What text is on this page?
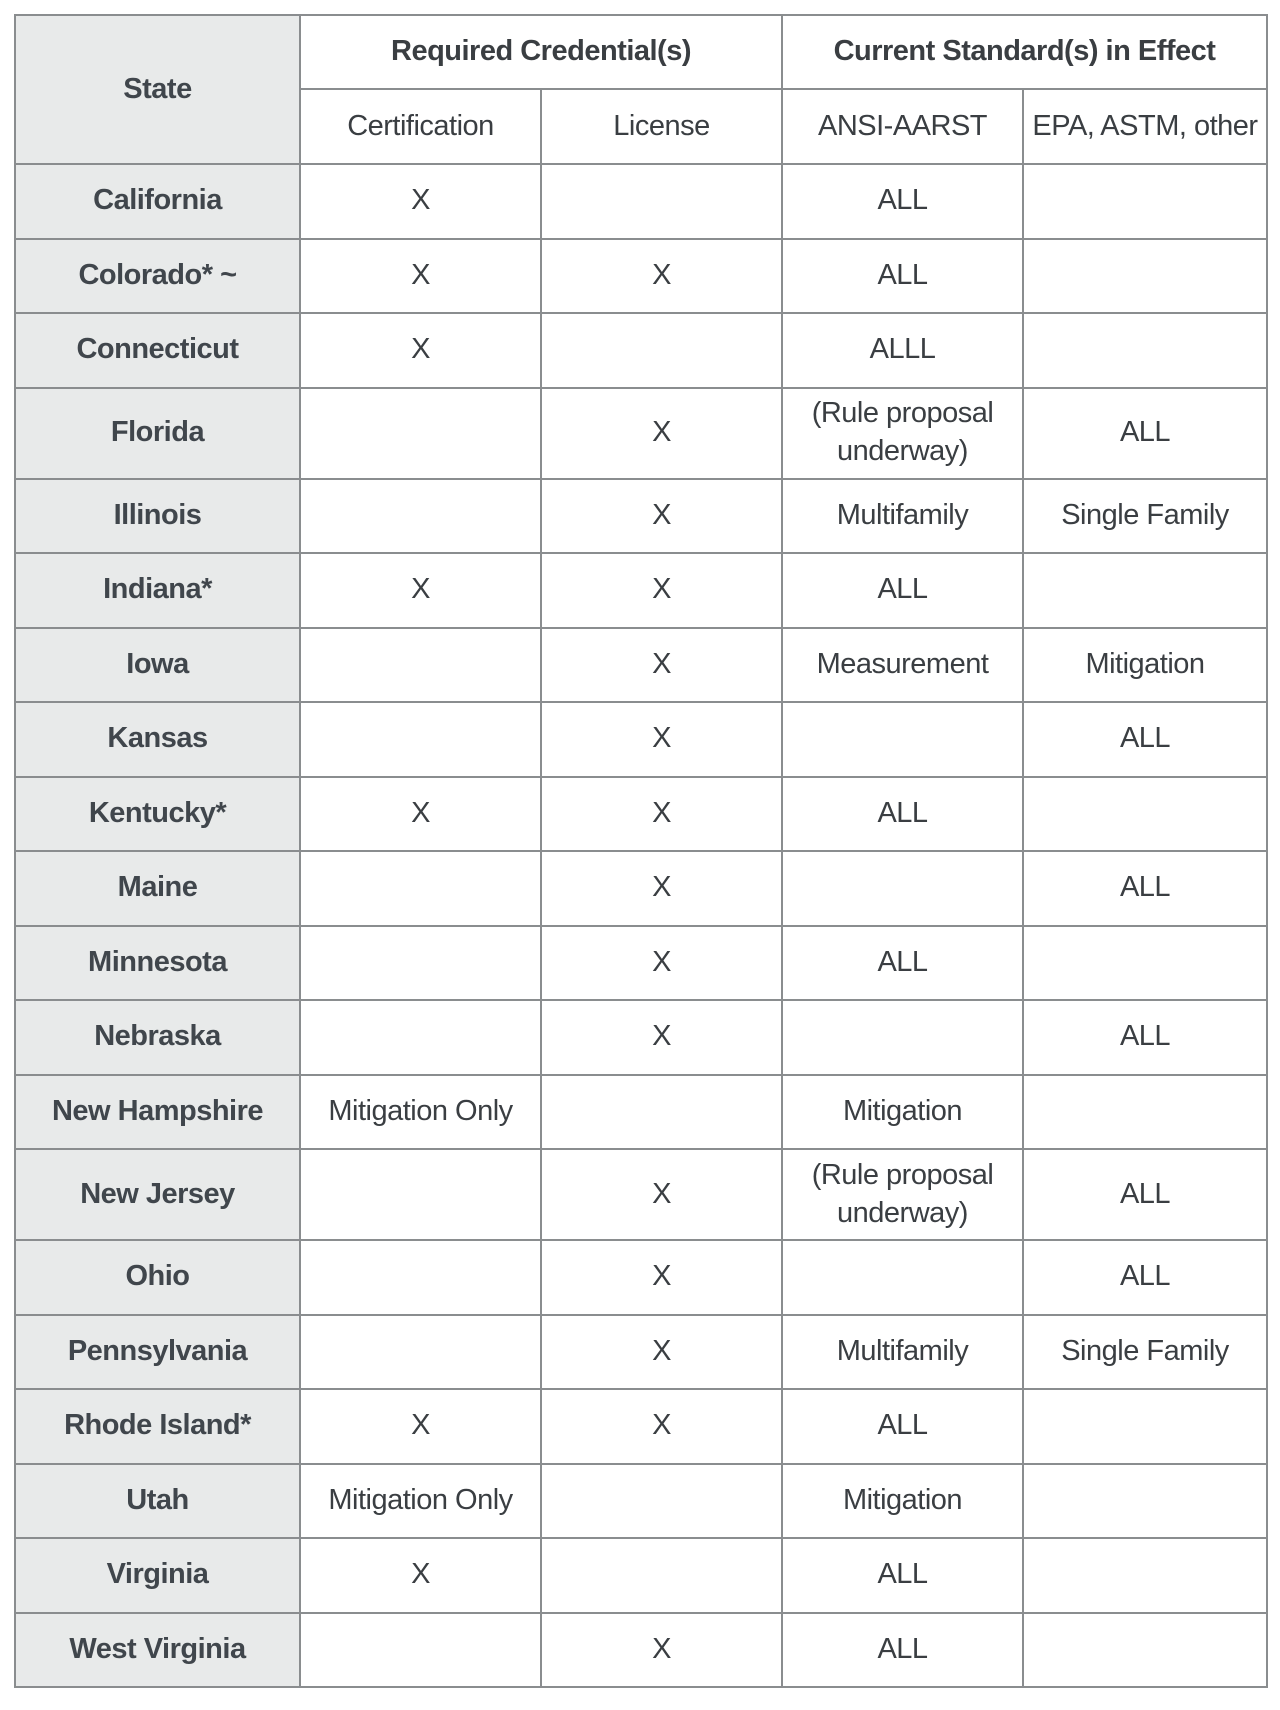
State	Required Credential(s)		Current Standard(s) in Effect	
	Certification	License	ANSI-AARST	EPA, ASTM, other
California	X		ALL	
Colorado* ~	X	X	ALL	
Connecticut	X		ALLL	
Florida		X	(Rule proposal underway)	ALL
Illinois		X	Multifamily	Single Family
Indiana*	X	X	ALL	
Iowa		X	Measurement	Mitigation
Kansas		X		ALL
Kentucky*	X	X	ALL	
Maine		X		ALL
Minnesota		X	ALL	
Nebraska		X		ALL
New Hampshire	Mitigation Only		Mitigation	
New Jersey		X	(Rule proposal underway)	ALL
Ohio		X		ALL
Pennsylvania		X	Multifamily	Single Family
Rhode Island*	X	X	ALL	
Utah	Mitigation Only		Mitigation	
Virginia	X		ALL	
West Virginia		X	ALL	
